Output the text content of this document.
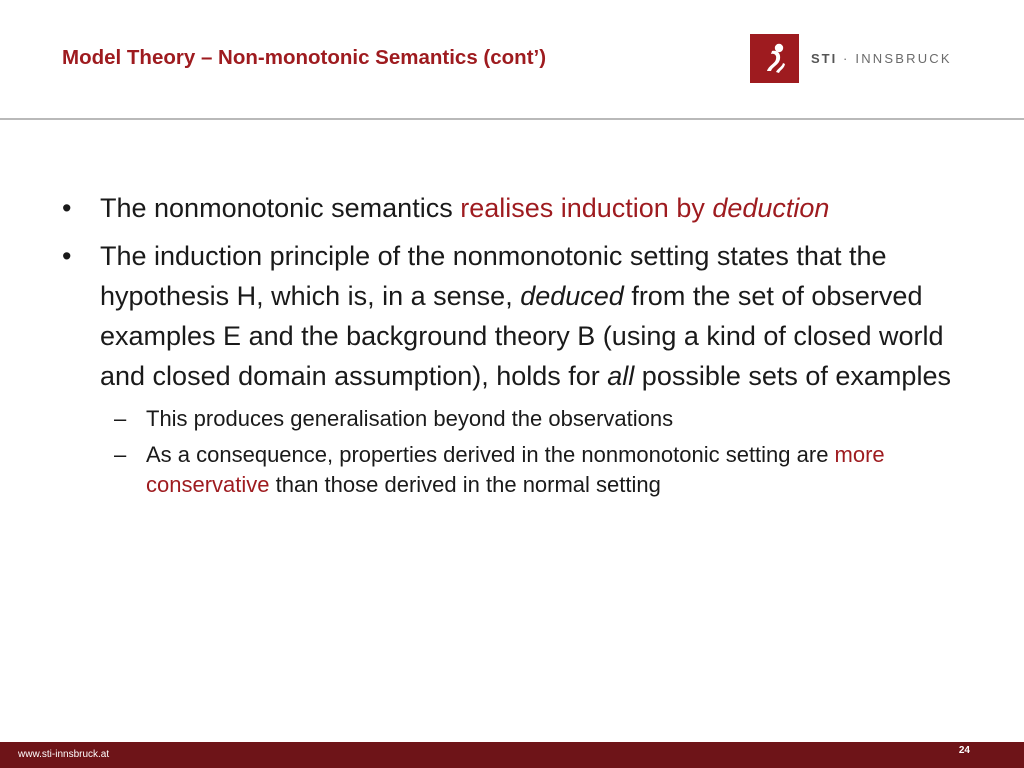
Model Theory – Non-monotonic Semantics (cont’)	STI · INNSBRUCK
• The nonmonotonic semantics realises induction by deduction
• The induction principle of the nonmonotonic setting states that the hypothesis H, which is, in a sense, deduced from the set of observed examples E and the background theory B (using a kind of closed world and closed domain assumption), holds for all possible sets of examples
– This produces generalisation beyond the observations
– As a consequence, properties derived in the nonmonotonic setting are more conservative than those derived in the normal setting
www.sti-innsbruck.at	24
